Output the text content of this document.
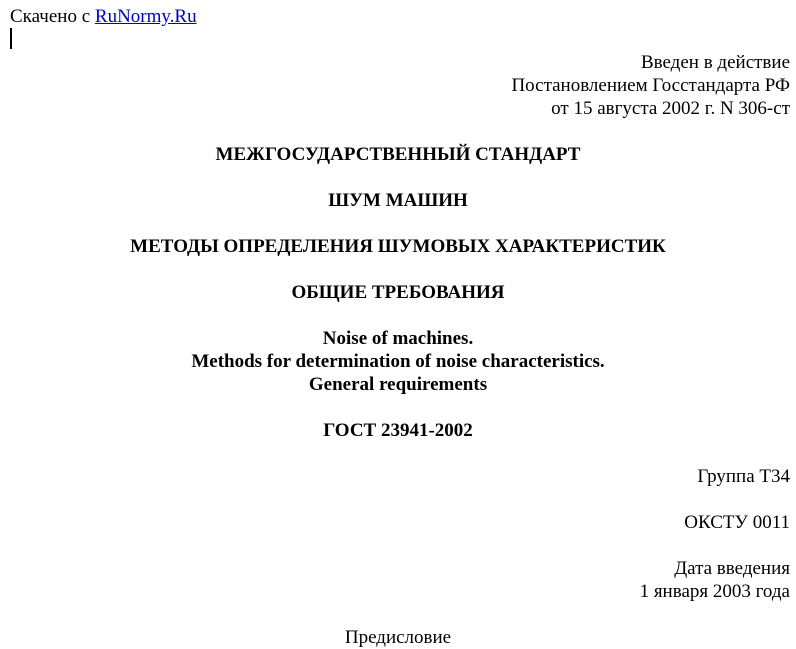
Скачено с RuNormy.Ru
Введен в действие
Постановлением Госстандарта РФ
от 15 августа 2002 г. N 306-ст
МЕЖГОСУДАРСТВЕННЫЙ СТАНДАРТ
ШУМ МАШИН
МЕТОДЫ ОПРЕДЕЛЕНИЯ ШУМОВЫХ ХАРАКТЕРИСТИК
ОБЩИЕ ТРЕБОВАНИЯ
Noise of machines.
Methods for determination of noise characteristics.
General requirements
ГОСТ 23941-2002
Группа Т34
ОКСТУ 0011
Дата введения
1 января 2003 года
Предисловие
